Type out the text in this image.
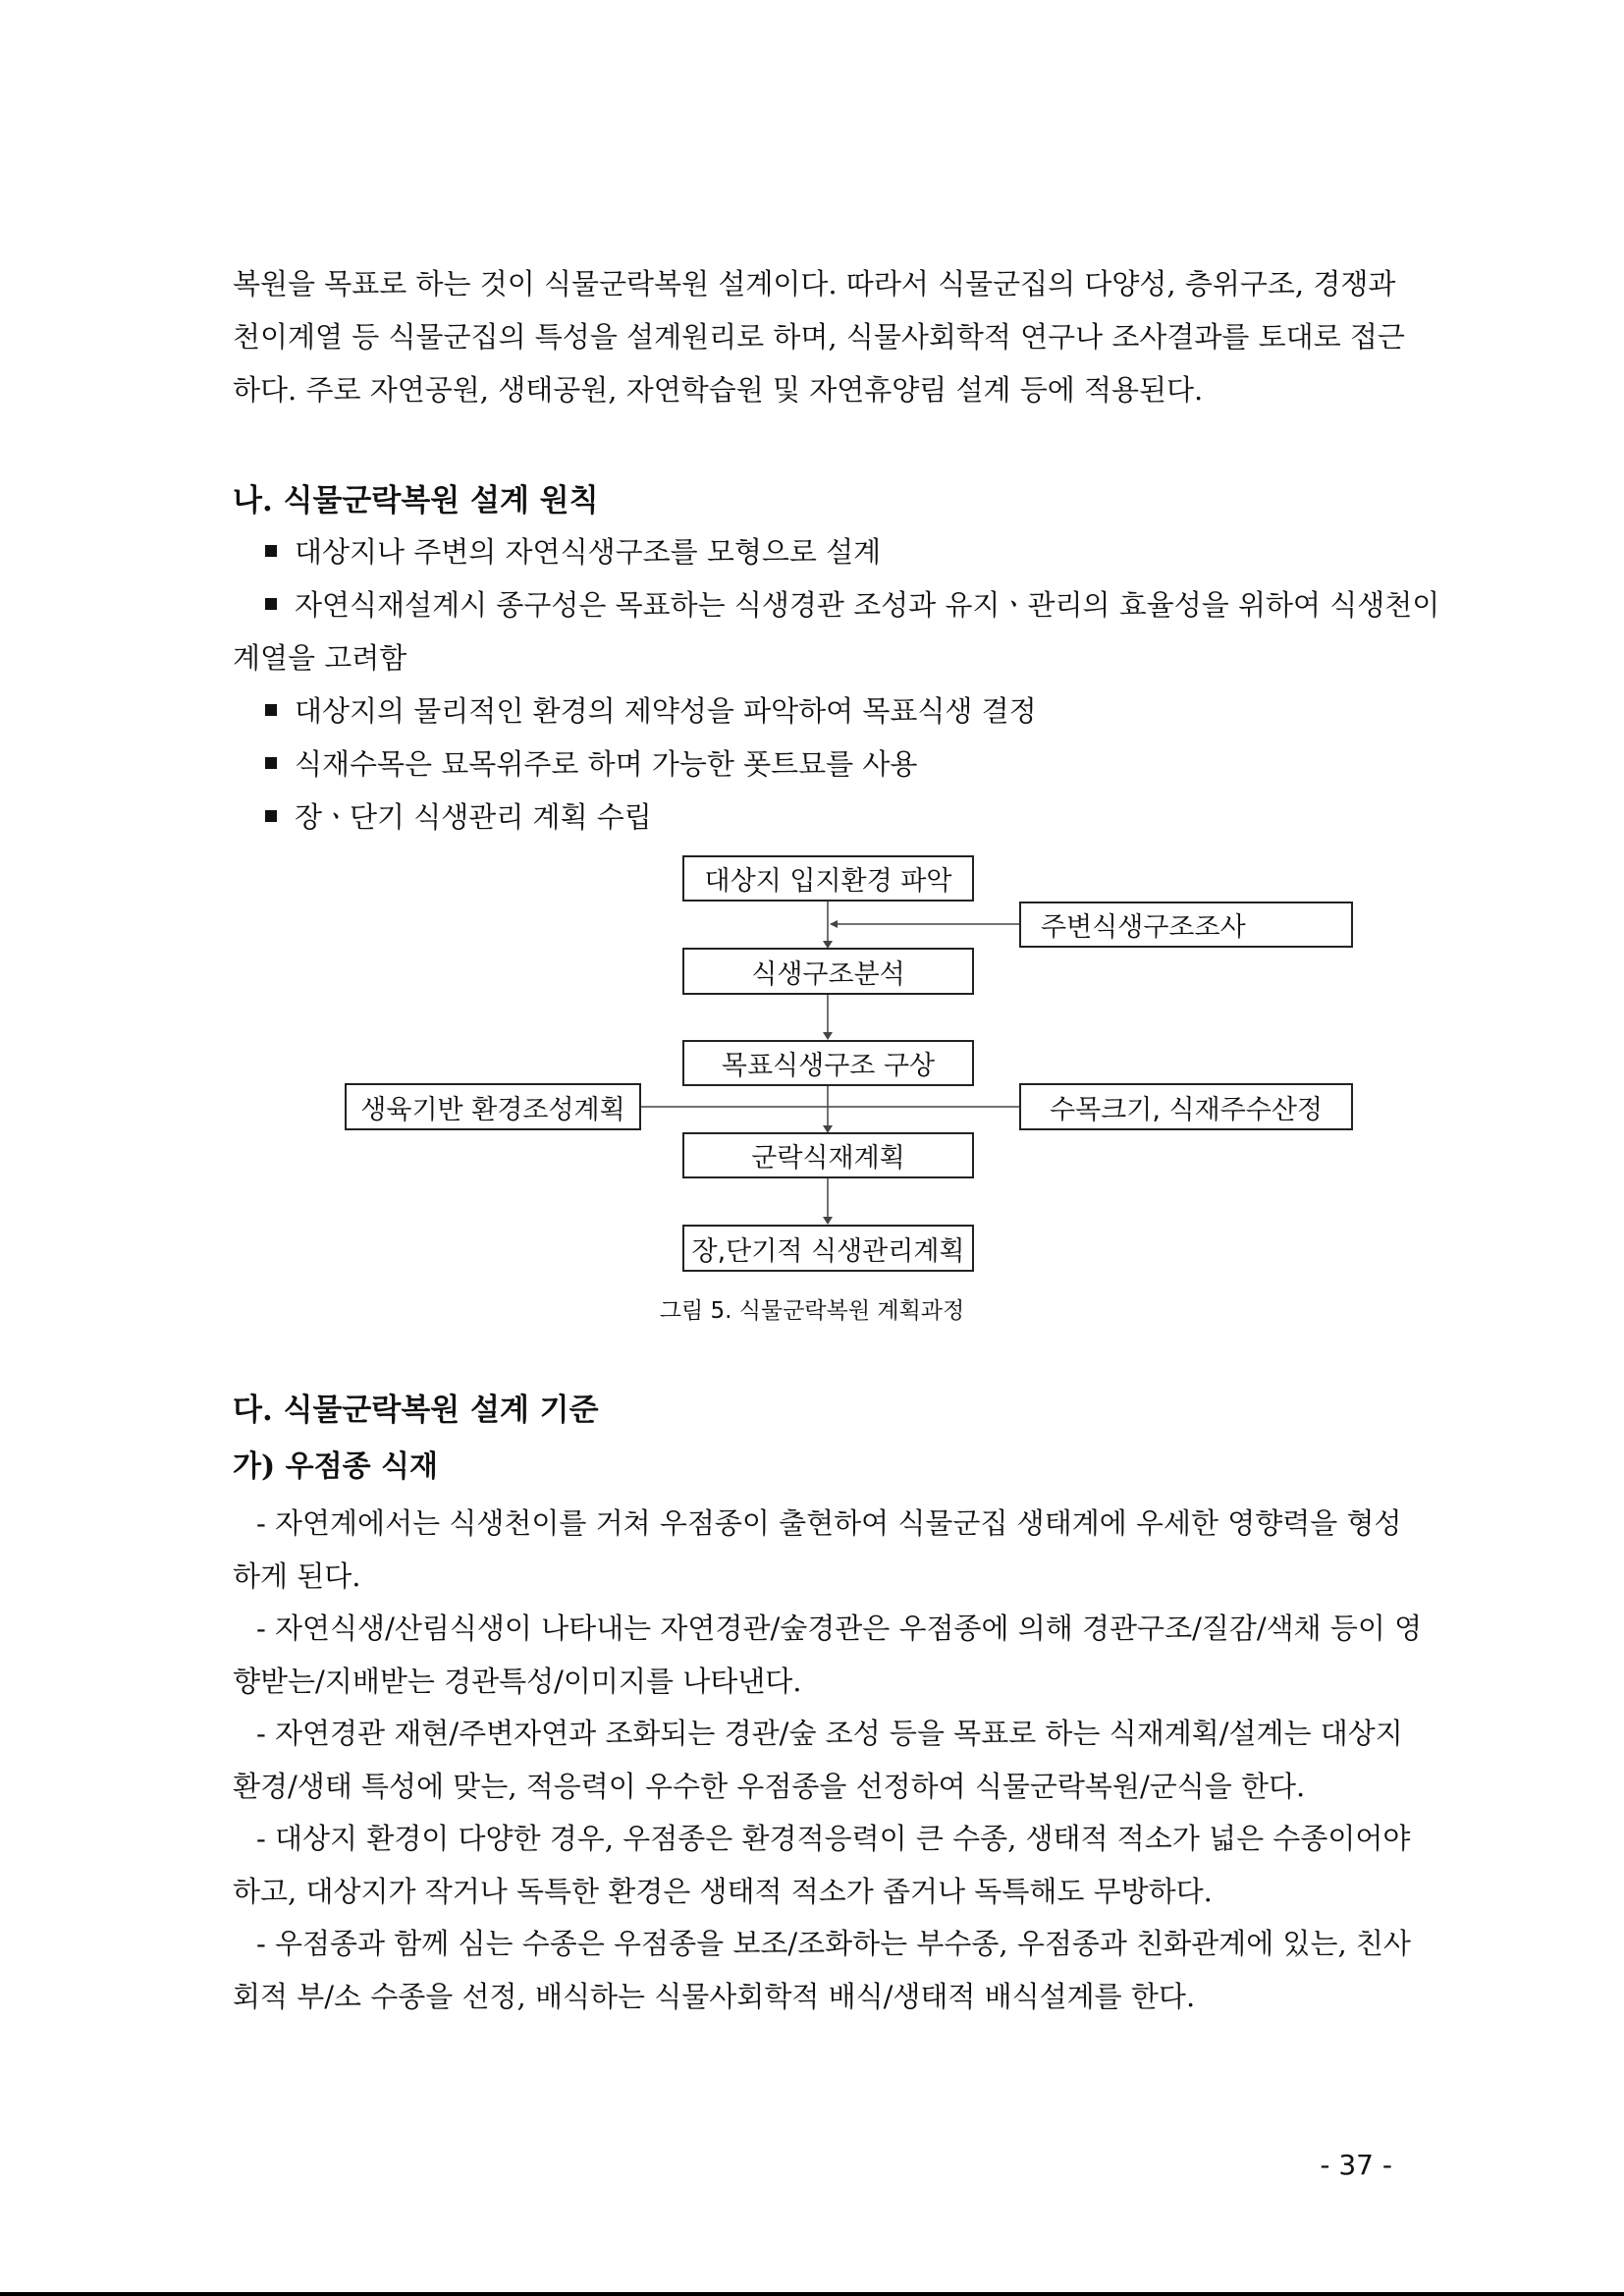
복원을 목표로 하는 것이 식물군락복원 설계이다. 따라서 식물군집의 다양성, 층위구조, 경쟁과
천이계열 등 식물군집의 특성을 설계원리로 하며, 식물사회학적 연구나 조사결과를 토대로 접근
하다. 주로 자연공원, 생태공원, 자연학습원 및 자연휴양림 설계 등에 적용된다.
나. 식물군락복원 설계 원칙
대상지나 주변의 자연식생구조를 모형으로 설계
자연식재설계시 종구성은 목표하는 식생경관 조성과 유지ㆍ관리의 효율성을 위하여 식생천이
계열을 고려함
대상지의 물리적인 환경의 제약성을 파악하여 목표식생 결정
식재수목은 묘목위주로 하며 가능한 폿트묘를 사용
장ㆍ단기 식생관리 계획 수립
대상지 입지환경 파악
주변식생구조조사
식생구조분석
목표식생구조 구상
생육기반 환경조성계획	수목크기, 식재주수산정
군락식재계획
장,단기적 식생관리계획
그림 5. 식물군락복원 계획과정
다. 식물군락복원 설계 기준
가) 우점종 식재
- 자연계에서는 식생천이를 거쳐 우점종이 출현하여 식물군집 생태계에 우세한 영향력을 형성
하게 된다.
- 자연식생/산림식생이 나타내는 자연경관/숲경관은 우점종에 의해 경관구조/질감/색채 등이 영
향받는/지배받는 경관특성/이미지를 나타낸다.
- 자연경관 재현/주변자연과 조화되는 경관/숲 조성 등을 목표로 하는 식재계획/설계는 대상지
환경/생태 특성에 맞는, 적응력이 우수한 우점종을 선정하여 식물군락복원/군식을 한다.
- 대상지 환경이 다양한 경우, 우점종은 환경적응력이 큰 수종, 생태적 적소가 넓은 수종이어야
하고, 대상지가 작거나 독특한 환경은 생태적 적소가 좁거나 독특해도 무방하다.
- 우점종과 함께 심는 수종은 우점종을 보조/조화하는 부수종, 우점종과 친화관계에 있는, 친사
회적 부/소 수종을 선정, 배식하는 식물사회학적 배식/생태적 배식설계를 한다.
- 37 -
